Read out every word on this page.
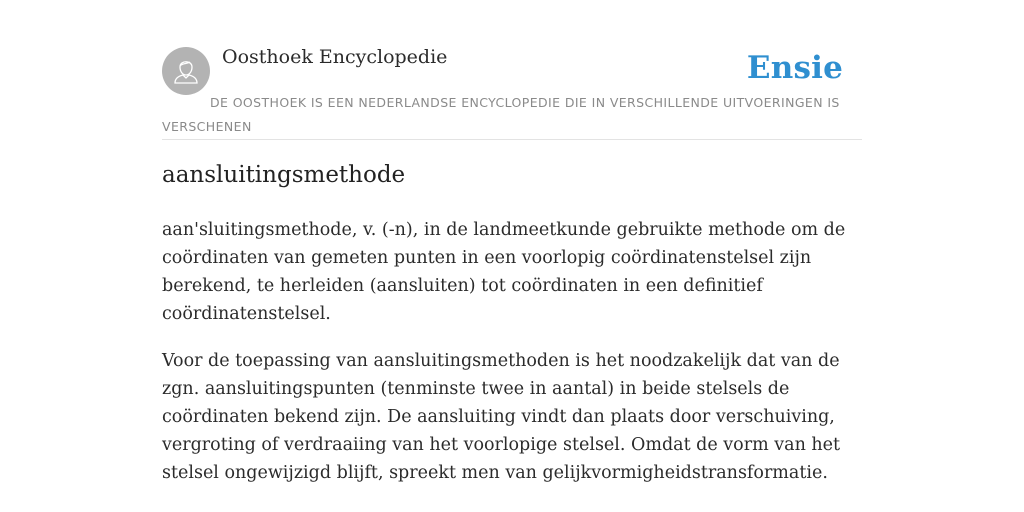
Oosthoek Encyclopedie	Ensie
DE OOSTHOEK IS EEN NEDERLANDSE ENCYCLOPEDIE DIE IN VERSCHILLENDE UITVOERINGEN IS VERSCHENEN
aansluitingsmethode

aan'sluitingsmethode, v. (-n), in de landmeetkunde gebruikte methode om de coördinaten van gemeten punten in een voorlopig coördinatenstelsel zijn berekend, te herleiden (aansluiten) tot coördinaten in een definitief coördinatenstelsel.

Voor de toepassing van aansluitingsmethoden is het noodzakelijk dat van de zgn. aansluitingspunten (tenminste twee in aantal) in beide stelsels de coördinaten bekend zijn. De aansluiting vindt dan plaats door verschuiving, vergroting of verdraaiing van het voorlopige stelsel. Omdat de vorm van het stelsel ongewijzigd blijft, spreekt men van gelijkvormigheidstransformatie.
